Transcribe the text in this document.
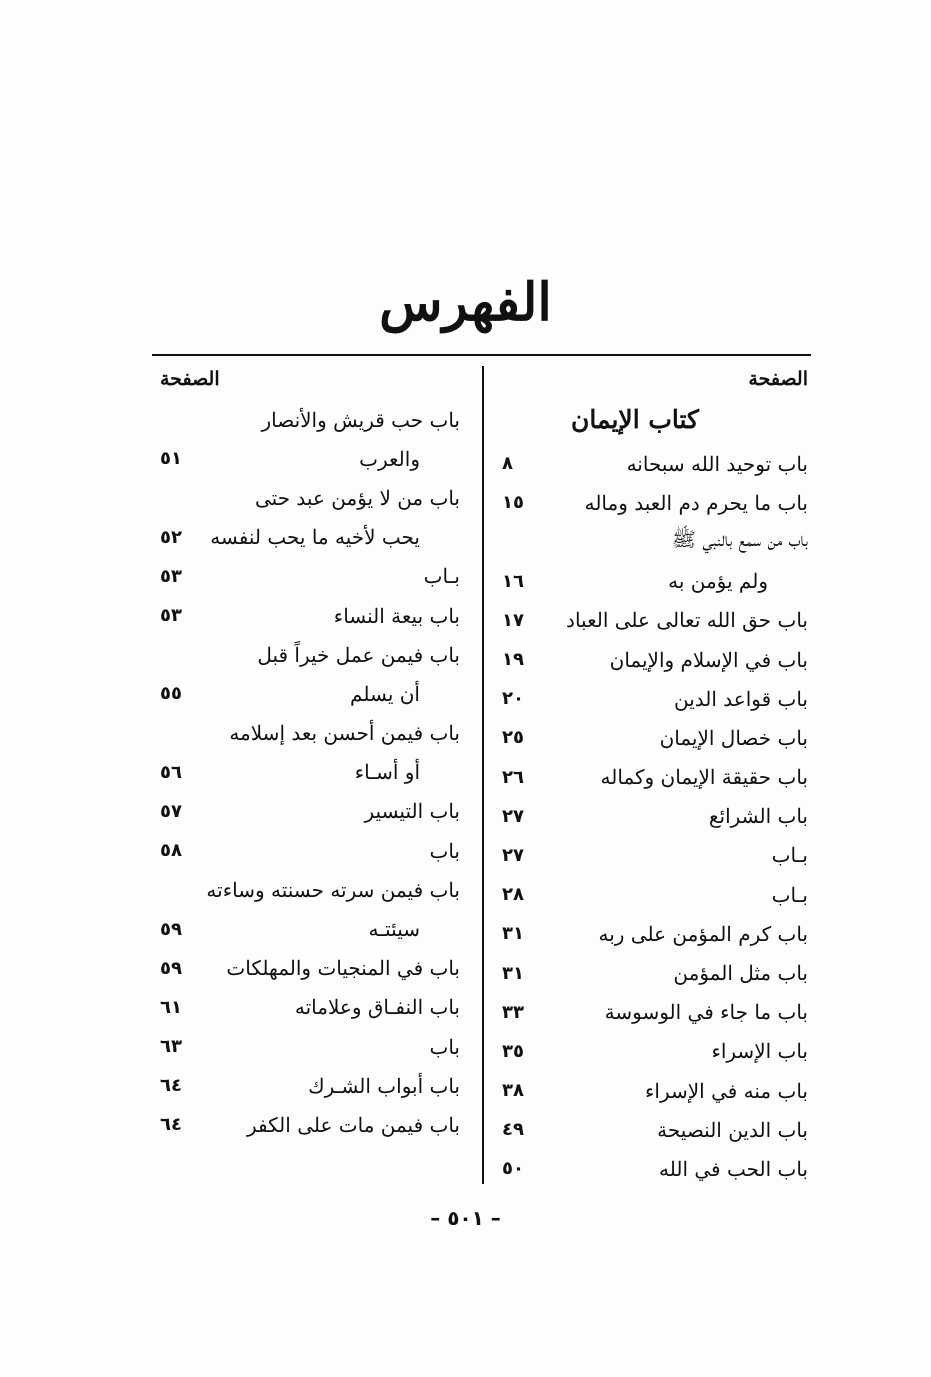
الفهرس
الصفحة
كتاب الإيمان
باب توحيد الله سبحانه
٨
باب ما يحرم دم العبد وماله
١٥
باب من سمع بالنبي ﷺ
ولم يؤمن به
١٦
باب حق الله تعالى على العباد
١٧
باب في الإسلام والإيمان
١٩
باب قواعد الدين
٢٠
باب خصال الإيمان
٢٥
باب حقيقة الإيمان وكماله
٢٦
باب الشرائع
٢٧
بـاب
٢٧
بـاب
٢٨
باب كرم المؤمن على ربه
٣١
باب مثل المؤمن
٣١
باب ما جاء في الوسوسة
٣٣
باب الإسراء
٣٥
باب منه في الإسراء
٣٨
باب الدين النصيحة
٤٩
باب الحب في الله
٥٠
الصفحة
باب حب قريش والأنصار
والعرب
٥١
باب من لا يؤمن عبد حتى
يحب لأخيه ما يحب لنفسه
٥٢
بـاب
٥٣
باب بيعة النساء
٥٣
باب فيمن عمل خيراً قبل
أن يسلم
٥٥
باب فيمن أحسن بعد إسلامه
أو أسـاء
٥٦
باب التيسير
٥٧
باب
٥٨
باب فيمن سرته حسنته وساءته
سيئتـه
٥٩
باب في المنجيات والمهلكات
٥٩
باب النفـاق وعلاماته
٦١
باب
٦٣
باب أبواب الشـرك
٦٤
باب فيمن مات على الكفر
٦٤
– ٥٠١ –
